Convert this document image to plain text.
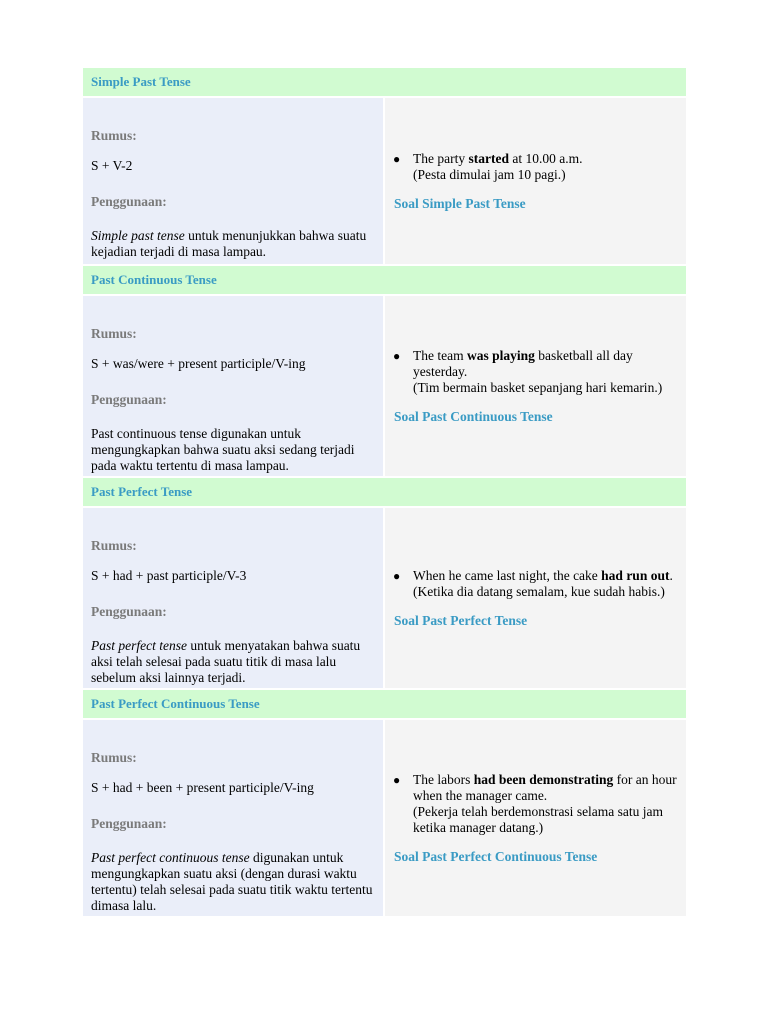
Simple Past Tense
Rumus:
S + V-2
Penggunaan:
Simple past tense untuk menunjukkan bahwa suatu kejadian terjadi di masa lampau.
● The party started at 10.00 a.m.
(Pesta dimulai jam 10 pagi.)
Soal Simple Past Tense
Past Continuous Tense
Rumus:
S + was/were + present participle/V-ing
Penggunaan:
Past continuous tense digunakan untuk mengungkapkan bahwa suatu aksi sedang terjadi pada waktu tertentu di masa lampau.
● The team was playing basketball all day yesterday.
(Tim bermain basket sepanjang hari kemarin.)
Soal Past Continuous Tense
Past Perfect Tense
Rumus:
S + had + past participle/V-3
Penggunaan:
Past perfect tense untuk menyatakan bahwa suatu aksi telah selesai pada suatu titik di masa lalu sebelum aksi lainnya terjadi.
● When he came last night, the cake had run out.
(Ketika dia datang semalam, kue sudah habis.)
Soal Past Perfect Tense
Past Perfect Continuous Tense
Rumus:
S + had + been + present participle/V-ing
Penggunaan:
Past perfect continuous tense digunakan untuk mengungkapkan suatu aksi (dengan durasi waktu tertentu) telah selesai pada suatu titik waktu tertentu dimasa lalu.
● The labors had been demonstrating for an hour when the manager came.
(Pekerja telah berdemonstrasi selama satu jam ketika manager datang.)
Soal Past Perfect Continuous Tense
